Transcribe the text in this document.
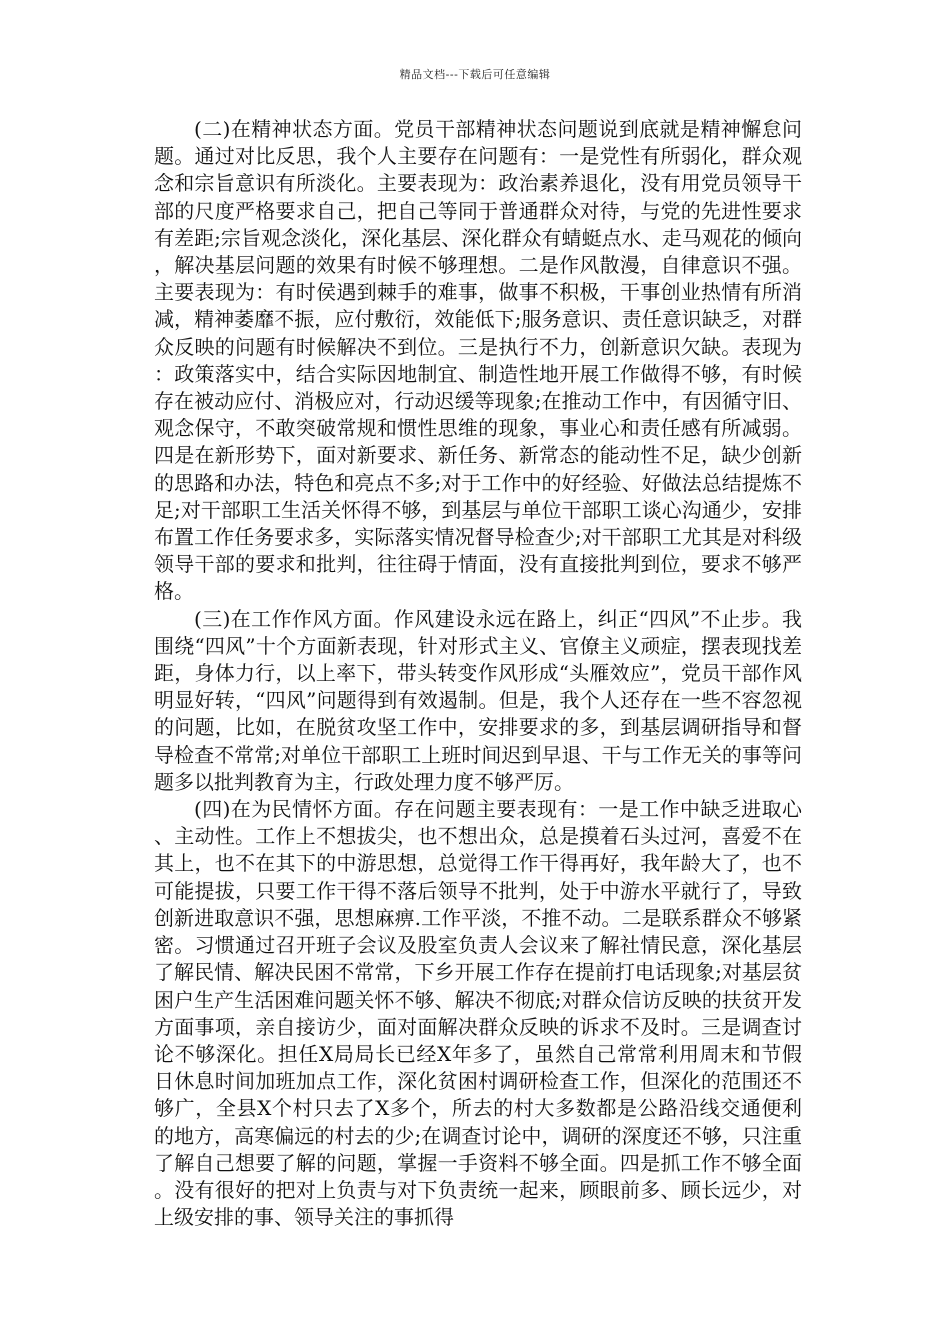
精品文档---下载后可任意编辑

(二)在精神状态方面。党员干部精神状态问题说到底就是精神懈怠问题。通过对比反思，我个人主要存在问题有：一是党性有所弱化，群众观念和宗旨意识有所淡化。主要表现为：政治素养退化，没有用党员领导干部的尺度严格要求自己，把自己等同于普通群众对待，与党的先进性要求有差距;宗旨观念淡化，深化基层、深化群众有蜻蜓点水、走马观花的倾向，解决基层问题的效果有时候不够理想。二是作风散漫，自律意识不强。主要表现为：有时侯遇到棘手的难事，做事不积极，干事创业热情有所消减，精神萎靡不振，应付敷衍，效能低下;服务意识、责任意识缺乏，对群众反映的问题有时候解决不到位。三是执行不力，创新意识欠缺。表现为：政策落实中，结合实际因地制宜、制造性地开展工作做得不够，有时候存在被动应付、消极应对，行动迟缓等现象;在推动工作中，有因循守旧、观念保守，不敢突破常规和惯性思维的现象，事业心和责任感有所减弱。四是在新形势下，面对新要求、新任务、新常态的能动性不足，缺少创新的思路和办法，特色和亮点不多;对于工作中的好经验、好做法总结提炼不足;对干部职工生活关怀得不够，到基层与单位干部职工谈心沟通少，安排布置工作任务要求多，实际落实情况督导检查少;对干部职工尤其是对科级领导干部的要求和批判，往往碍于情面，没有直接批判到位，要求不够严格。

(三)在工作作风方面。作风建设永远在路上，纠正“四风”不止步。我围绕“四风”十个方面新表现，针对形式主义、官僚主义顽症，摆表现找差距，身体力行，以上率下，带头转变作风形成“头雁效应”，党员干部作风明显好转，“四风”问题得到有效遏制。但是，我个人还存在一些不容忽视的问题，比如，在脱贫攻坚工作中，安排要求的多，到基层调研指导和督导检查不常常;对单位干部职工上班时间迟到早退、干与工作无关的事等问题多以批判教育为主，行政处理力度不够严厉。

(四)在为民情怀方面。存在问题主要表现有：一是工作中缺乏进取心、主动性。工作上不想拔尖，也不想出众，总是摸着石头过河，喜爱不在其上，也不在其下的中游思想，总觉得工作干得再好，我年龄大了，也不可能提拔，只要工作干得不落后领导不批判，处于中游水平就行了，导致创新进取意识不强，思想麻痹.工作平淡，不推不动。二是联系群众不够紧密。习惯通过召开班子会议及股室负责人会议来了解社情民意，深化基层了解民情、解决民困不常常，下乡开展工作存在提前打电话现象;对基层贫困户生产生活困难问题关怀不够、解决不彻底;对群众信访反映的扶贫开发方面事项，亲自接访少，面对面解决群众反映的诉求不及时。三是调查讨论不够深化。担任X局局长已经X年多了，虽然自己常常利用周末和节假日休息时间加班加点工作，深化贫困村调研检查工作，但深化的范围还不够广，全县X个村只去了X多个，所去的村大多数都是公路沿线交通便利的地方，高寒偏远的村去的少;在调查讨论中，调研的深度还不够，只注重了解自己想要了解的问题，掌握一手资料不够全面。四是抓工作不够全面。没有很好的把对上负责与对下负责统一起来，顾眼前多、顾长远少，对上级安排的事、领导关注的事抓得
